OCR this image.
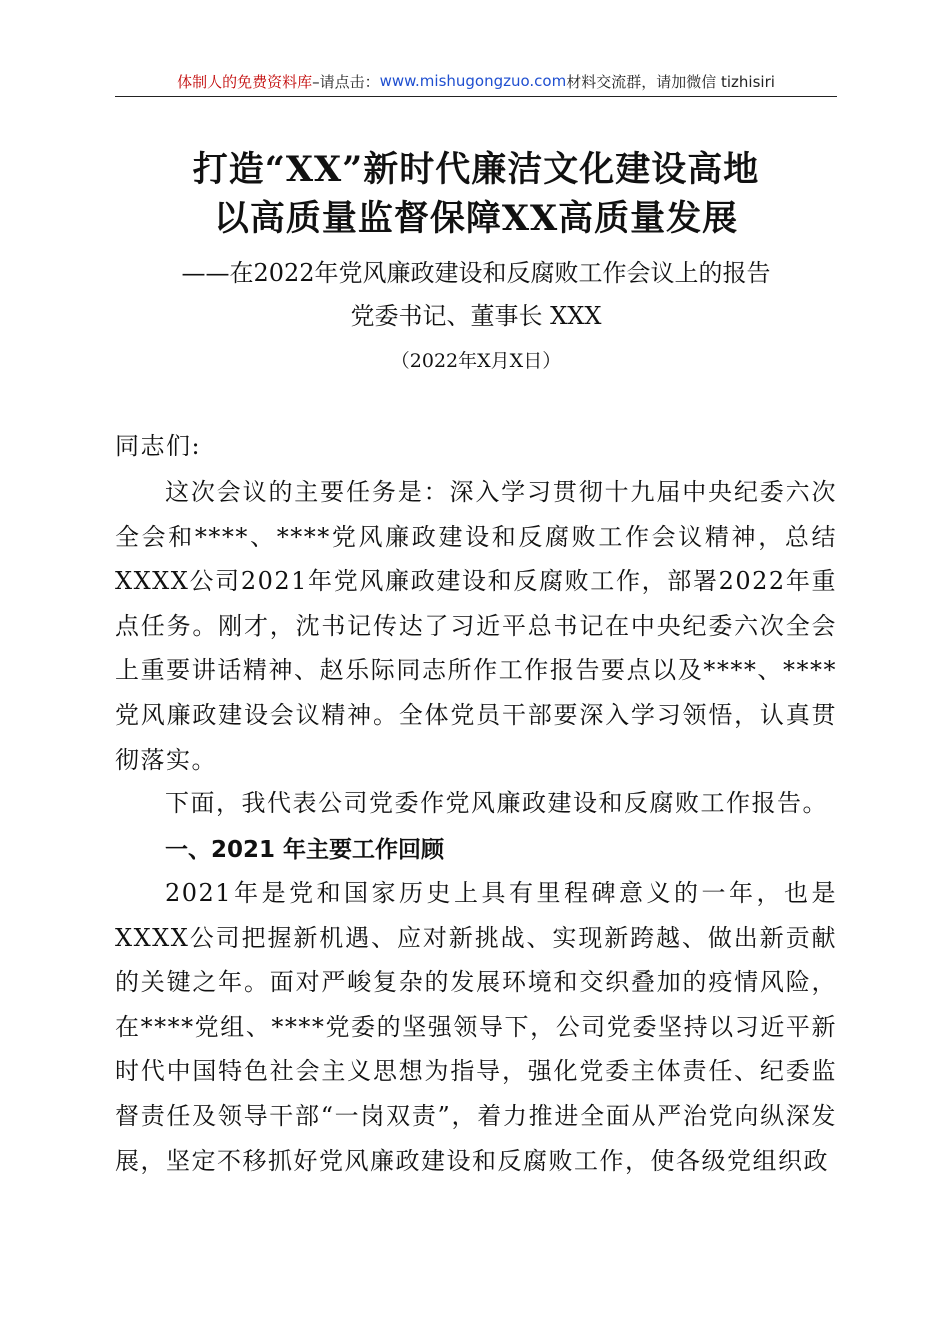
体制人的免费资料库 –请点击： www.mishugongzuo.com 材料交流群，请加微信 tizhisiri
打造“XX”新时代廉洁文化建设高地
以高质量监督保障XX高质量发展
——在2022年党风廉政建设和反腐败工作会议上的报告
党委书记、董事长 XXX
（2022年X月X日）
同志们:
这次会议的主要任务是：深入学习贯彻十九届中央纪委六次全会和****、****党风廉政建设和反腐败工作会议精神，总结XXXX公司2021年党风廉政建设和反腐败工作，部署2022年重点任务。刚才，沈书记传达了习近平总书记在中央纪委六次全会上重要讲话精神、赵乐际同志所作工作报告要点以及****、****党风廉政建设会议精神。全体党员干部要深入学习领悟，认真贯彻落实。
下面，我代表公司党委作党风廉政建设和反腐败工作报告。
一、2021 年主要工作回顾
2021年是党和国家历史上具有里程碑意义的一年，也是XXXX公司把握新机遇、应对新挑战、实现新跨越、做出新贡献的关键之年。面对严峻复杂的发展环境和交织叠加的疫情风险，在****党组、****党委的坚强领导下，公司党委坚持以习近平新时代中国特色社会主义思想为指导，强化党委主体责任、纪委监督责任及领导干部“一岗双责”，着力推进全面从严治党向纵深发展，坚定不移抓好党风廉政建设和反腐败工作，使各级党组织政
